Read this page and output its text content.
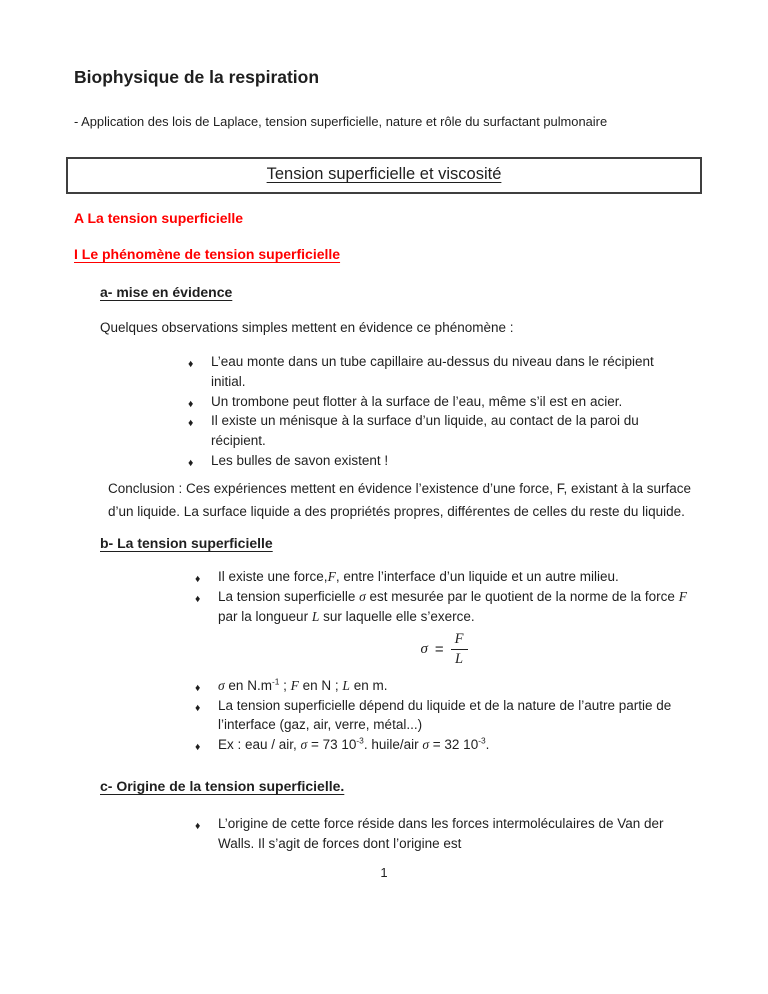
Biophysique de la respiration

- Application des lois de Laplace, tension superficielle, nature et rôle du surfactant pulmonaire

Tension superficielle et viscosité
A La tension superficielle
I Le phénomène de tension superficielle
a- mise en évidence

Quelques observations simples mettent en évidence ce phénomène :

♦ L’eau monte dans un tube capillaire au-dessus du niveau dans le récipient initial.
♦ Un trombone peut flotter à la surface de l’eau, même s’il est en acier.
♦ Il existe un ménisque à la surface d’un liquide, au contact de la paroi du récipient.
♦ Les bulles de savon existent !

Conclusion : Ces expériences mettent en évidence l’existence d’une force, F, existant à la surface d’un liquide. La surface liquide a des propriétés propres, différentes de celles du reste du liquide.

b- La tension superficielle
♦ Il existe une force,F, entre l’interface d’un liquide et un autre milieu.
♦ La tension superficielle σ est mesurée par le quotient de la norme de la force F par la longueur L sur laquelle elle s’exerce.
$\sigma = \frac{F}{L}$
♦ σ en $N.m^{-1}$ ; F en N ; L en m.
♦ La tension superficielle dépend du liquide et de la nature de l’autre partie de l’interface (gaz, air, verre, métal...)
♦ Ex : eau / air, σ = 73 $10^{-3}$. huile/air σ = 32 $10^{-3}$.
c- Origine de la tension superficielle.
♦ L’origine de cette force réside dans les forces intermoléculaires de Van der Walls. Il s’agit de forces dont l’origine est
1
